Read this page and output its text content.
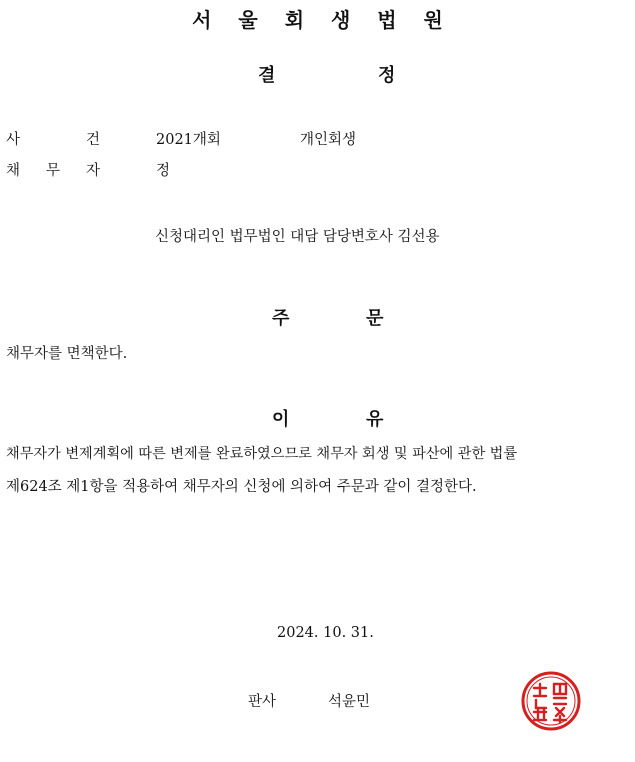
서 울 회 생 법 원
결	정
사	건	2021개회	개인회생
채 무 자	정
신청대리인 법무법인 대담 담당변호사 김선용
주	문
채무자를 면책한다.
이	유
채무자가 변제계획에 따른 변제를 완료하였으므로 채무자 회생 및 파산에 관한 법률
제624조 제1항을 적용하여 채무자의 신청에 의하여 주문과 같이 결정한다.
2024. 10. 31.
판사	석윤민
